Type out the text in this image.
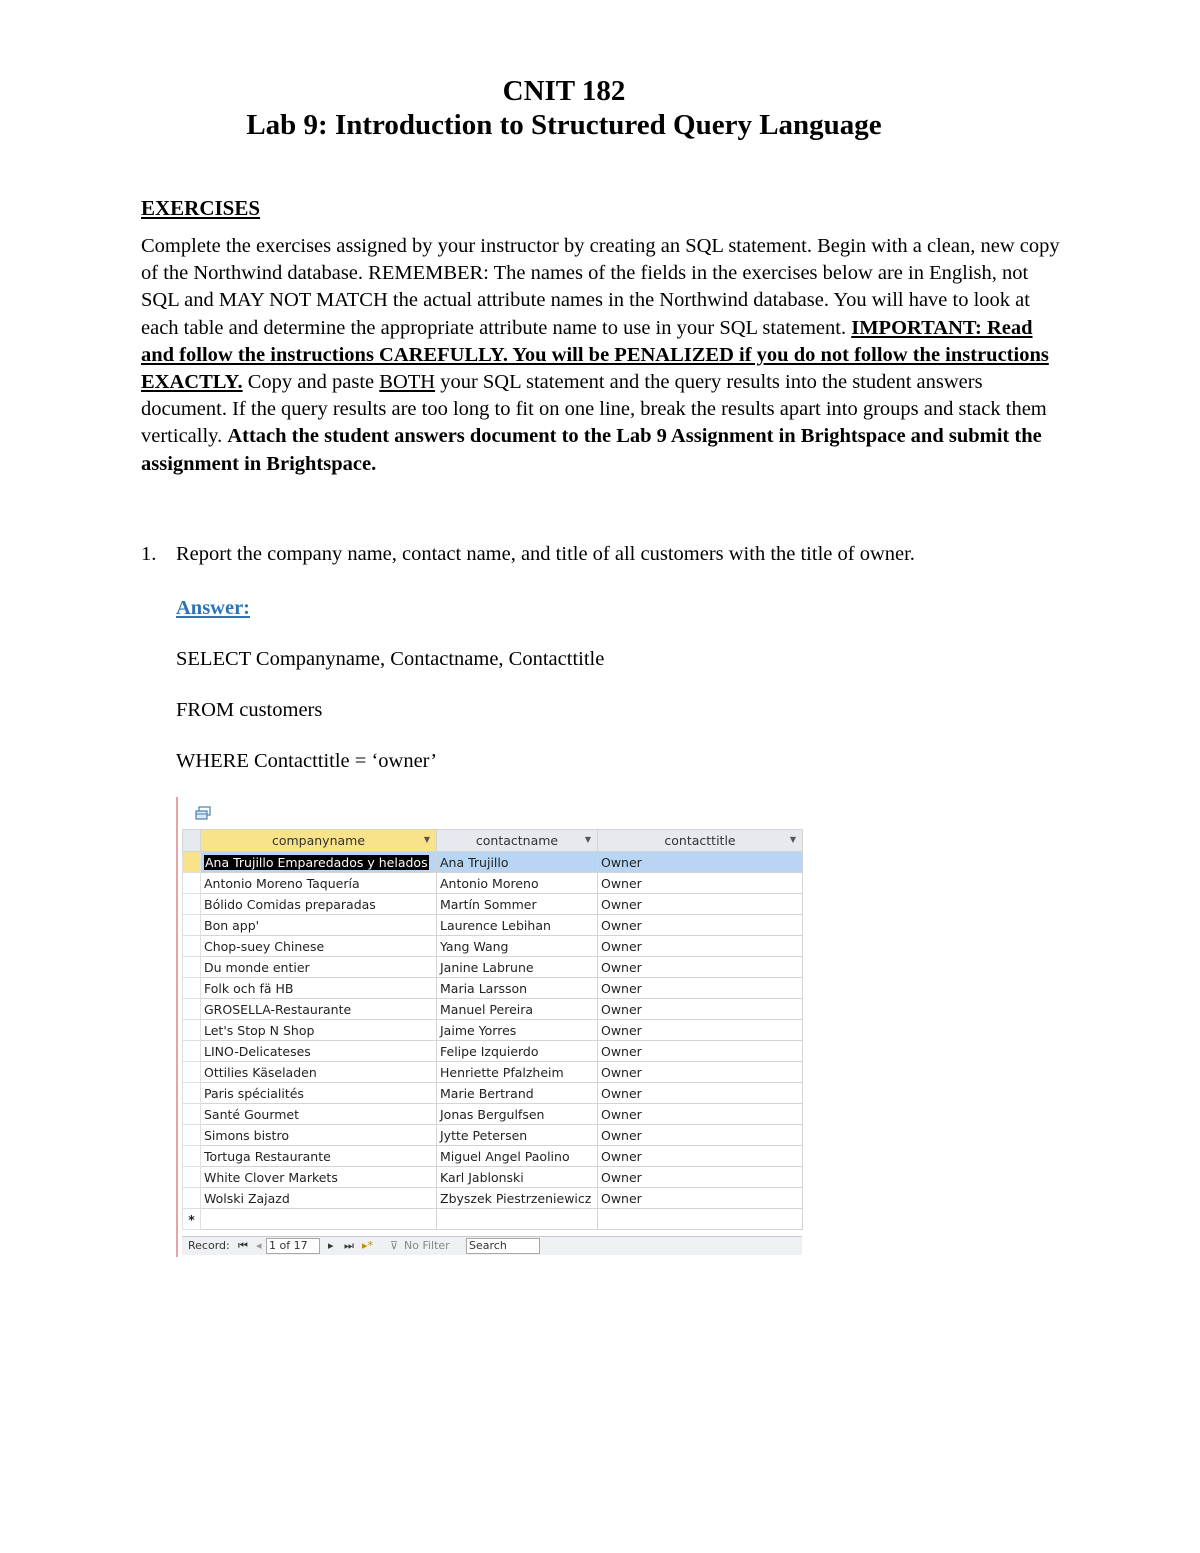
CNIT 182
Lab 9: Introduction to Structured Query Language
EXERCISES
Complete the exercises assigned by your instructor by creating an SQL statement. Begin with a clean, new copy of the Northwind database. REMEMBER: The names of the fields in the exercises below are in English, not SQL and MAY NOT MATCH the actual attribute names in the Northwind database. You will have to look at each table and determine the appropriate attribute name to use in your SQL statement. IMPORTANT: Read and follow the instructions CAREFULLY. You will be PENALIZED if you do not follow the instructions EXACTLY. Copy and paste BOTH your SQL statement and the query results into the student answers document. If the query results are too long to fit on one line, break the results apart into groups and stack them vertically. Attach the student answers document to the Lab 9 Assignment in Brightspace and submit the assignment in Brightspace.
1. Report the company name, contact name, and title of all customers with the title of owner.
Answer:
SELECT Companyname, Contactname, Contacttitle
FROM customers
WHERE Contacttitle = ‘owner’
	companyname ▼	contactname ▼	contacttitle ▼

	Ana Trujillo Emparedados y helados	Ana Trujillo	Owner
	Antonio Moreno Taquería	Antonio Moreno	Owner
	Bólido Comidas preparadas	Martín Sommer	Owner
	Bon app'	Laurence Lebihan	Owner
	Chop-suey Chinese	Yang Wang	Owner
	Du monde entier	Janine Labrune	Owner
	Folk och fä HB	Maria Larsson	Owner
	GROSELLA-Restaurante	Manuel Pereira	Owner
	Let's Stop N Shop	Jaime Yorres	Owner
	LINO-Delicateses	Felipe Izquierdo	Owner
	Ottilies Käseladen	Henriette Pfalzheim	Owner
	Paris spécialités	Marie Bertrand	Owner
	Santé Gourmet	Jonas Bergulfsen	Owner
	Simons bistro	Jytte Petersen	Owner
	Tortuga Restaurante	Miguel Angel Paolino	Owner
	White Clover Markets	Karl Jablonski	Owner
	Wolski Zajazd	Zbyszek Piestrzeniewicz	Owner
*			
Record: ⏮ ◂ 1 of 17 ▸ ⏭ ▸* ⊽ No Filter Search
